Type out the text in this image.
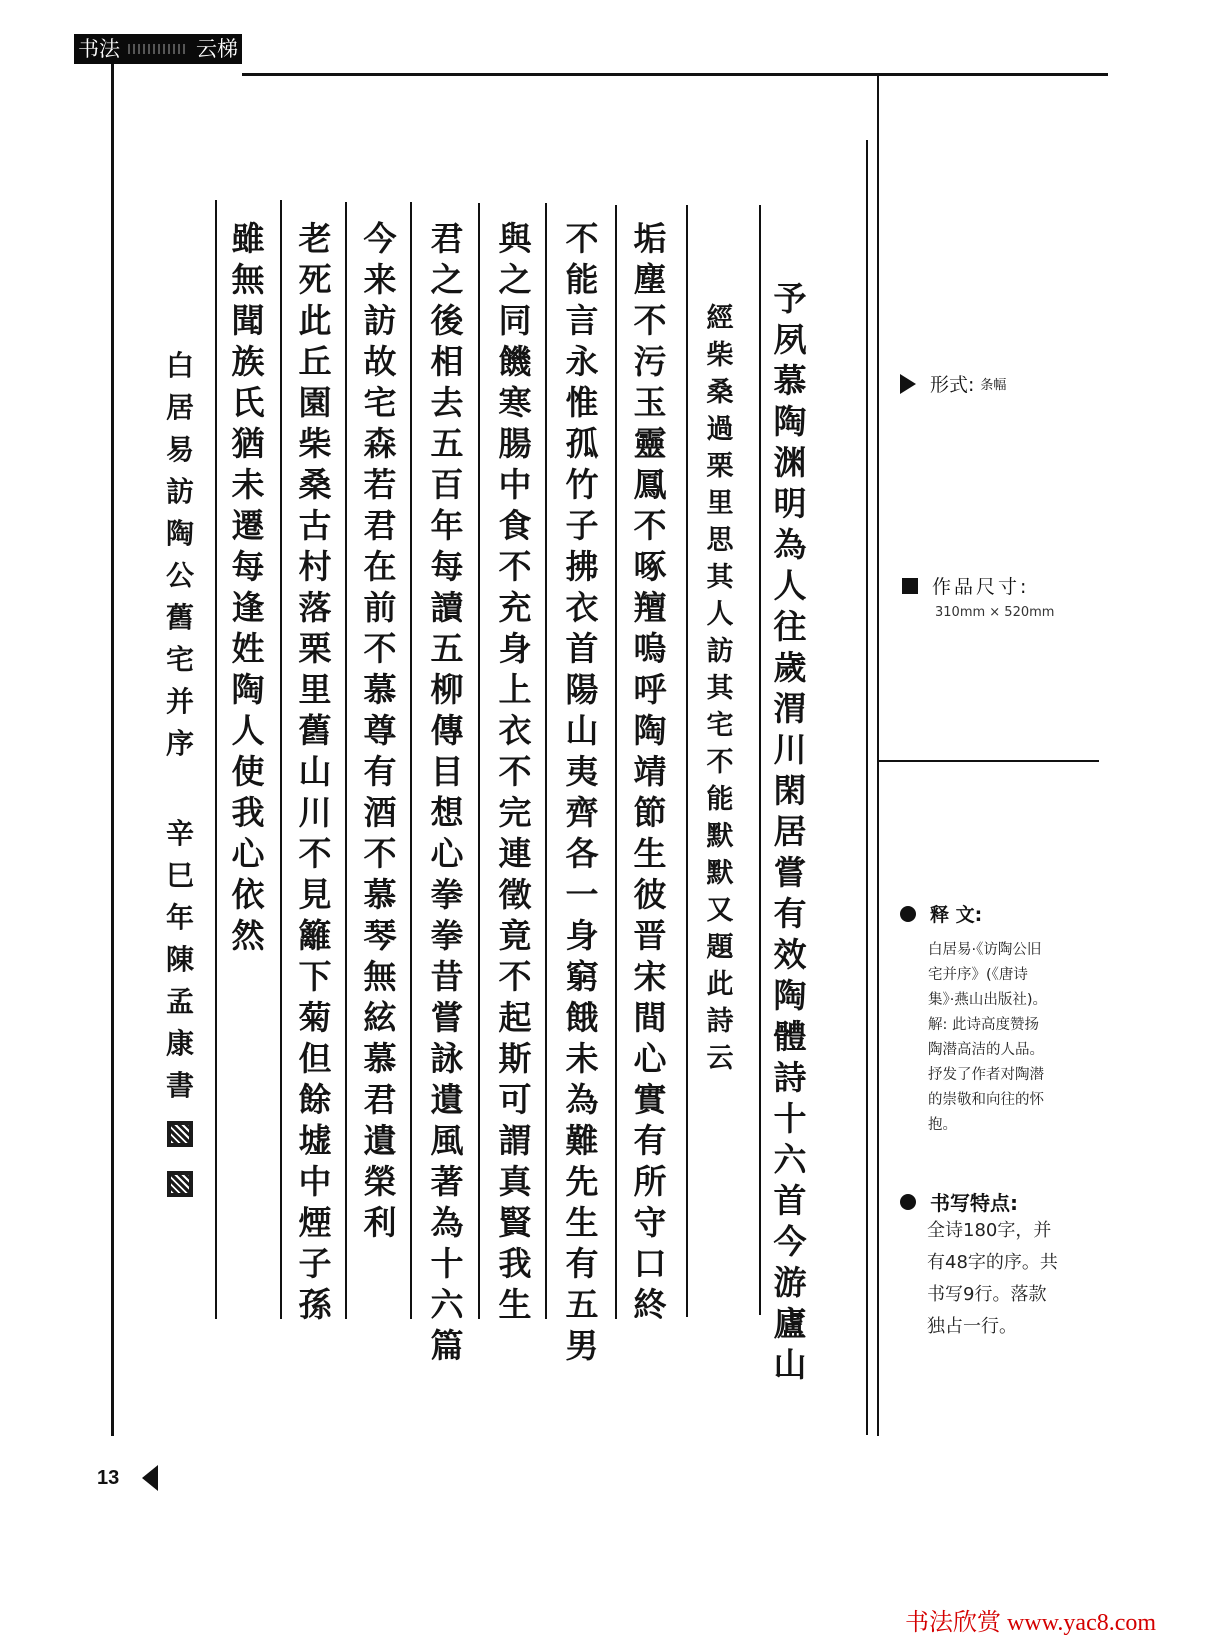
书法	云梯
予
夙
慕
陶
渊
明
為
人
往
歲
渭
川
閑
居
嘗
有
效
陶
體
詩
十
六
首
今
游
廬
山
經
柴
桑
過
栗
里
思
其
人
訪
其
宅
不
能
默
默
又
題
此
詩
云
垢
塵
不
污
玉
靈
鳳
不
啄
羶
嗚
呼
陶
靖
節
生
彼
晋
宋
間
心
實
有
所
守
口
終
不
能
言
永
惟
孤
竹
子
拂
衣
首
陽
山
夷
齊
各
一
身
窮
餓
未
為
難
先
生
有
五
男
與
之
同
饑
寒
腸
中
食
不
充
身
上
衣
不
完
連
徵
竟
不
起
斯
可
謂
真
賢
我
生
君
之
後
相
去
五
百
年
每
讀
五
柳
傳
目
想
心
拳
拳
昔
嘗
詠
遺
風
著
為
十
六
篇
今
来
訪
故
宅
森
若
君
在
前
不
慕
尊
有
酒
不
慕
琴
無
絃
慕
君
遺
榮
利
老
死
此
丘
園
柴
桑
古
村
落
栗
里
舊
山
川
不
見
籬
下
菊
但
餘
墟
中
煙
子
孫
雖
無
聞
族
氏
猶
未
遷
每
逢
姓
陶
人
使
我
心
依
然
白
居
易
訪
陶
公
舊
宅
并
序
辛
巳
年
陳
孟
康
書
形式: 条幅
作品尺寸:
310mm × 520mm
释 文:
白居易·《访陶公旧
宅并序》(《唐诗
集》·燕山出版社)。
解: 此诗高度赞扬
陶潜高洁的人品。
抒发了作者对陶潜
的崇敬和向往的怀
抱。
书写特点:
全诗180字，并
有48字的序。共
书写9行。落款
独占一行。
13
书法欣赏 www.yac8.com
